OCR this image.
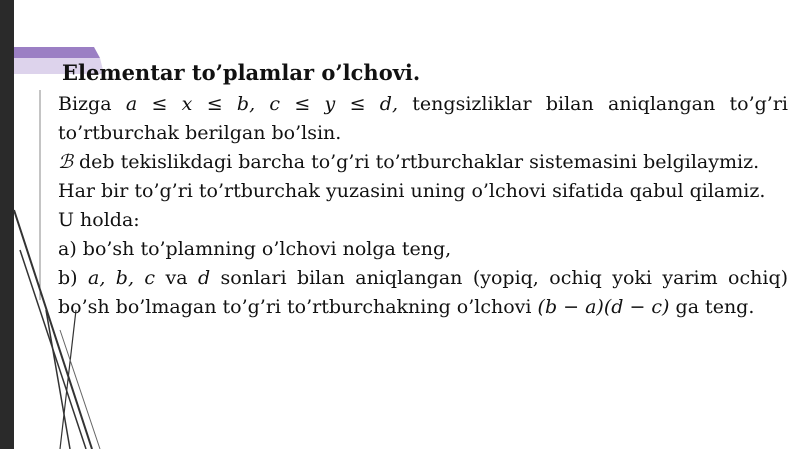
Elementar to’plamlar o’lchovi.
Bizga a ≤ x ≤ b, c ≤ y ≤ d, tengsizliklar bilan aniqlangan to’g’ri
to’rtburchak berilgan bo’lsin.
ℬ deb tekislikdagi barcha to’g’ri to’rtburchaklar sistemasini belgilaymiz.
Har bir to’g’ri to’rtburchak yuzasini uning o’lchovi sifatida qabul qilamiz.
U holda:
a) bo’sh to’plamning o’lchovi nolga teng,
b) a, b, c va d sonlari bilan aniqlangan (yopiq, ochiq yoki yarim ochiq)
bo’sh bo’lmagan to’g’ri to’rtburchakning o’lchovi (b − a)(d − c) ga teng.
